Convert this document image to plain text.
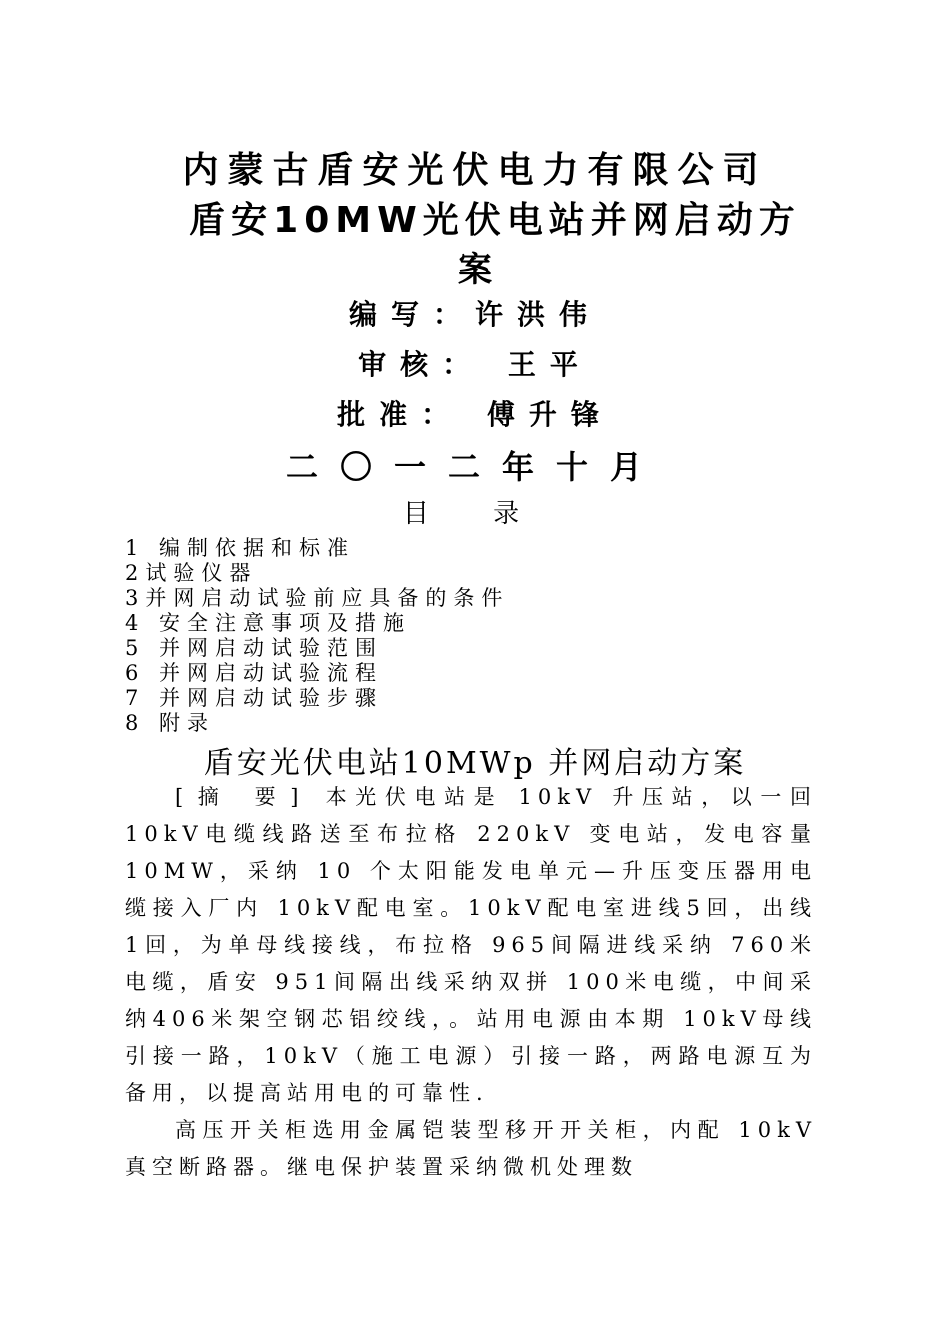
内蒙古盾安光伏电力有限公司
盾安10MW光伏电站并网启动方
案
编写：许洪伟
审核： 王平
批准： 傅升锋
二〇一二年十月
目 录
1 编制依据和标准
2试验仪器
3并网启动试验前应具备的条件
4 安全注意事项及措施
5 并网启动试验范围
6 并网启动试验流程
7 并网启动试验步骤
8 附录
盾安光伏电站10MWp 并网启动方案

[摘 要] 本光伏电站是 10kV 升压站，以一回 10kV电缆线路送至布拉格 220kV 变电站，发电容量 10MW，采纳 10 个太阳能发电单元—升压变压器用电缆接入厂内 10kV配电室。10kV配电室进线5回，出线 1回，为单母线接线，布拉格 965间隔进线采纳 760米电缆，盾安 951间隔出线采纳双拼 100米电缆，中间采纳406米架空钢芯铝绞线，。站用电源由本期 10kV母线引接一路，10kV（施工电源）引接一路，两路电源互为备用，以提高站用电的可靠性.

高压开关柜选用金属铠装型移开开关柜，内配 10kV真空断路器。继电保护装置采纳微机处理数
